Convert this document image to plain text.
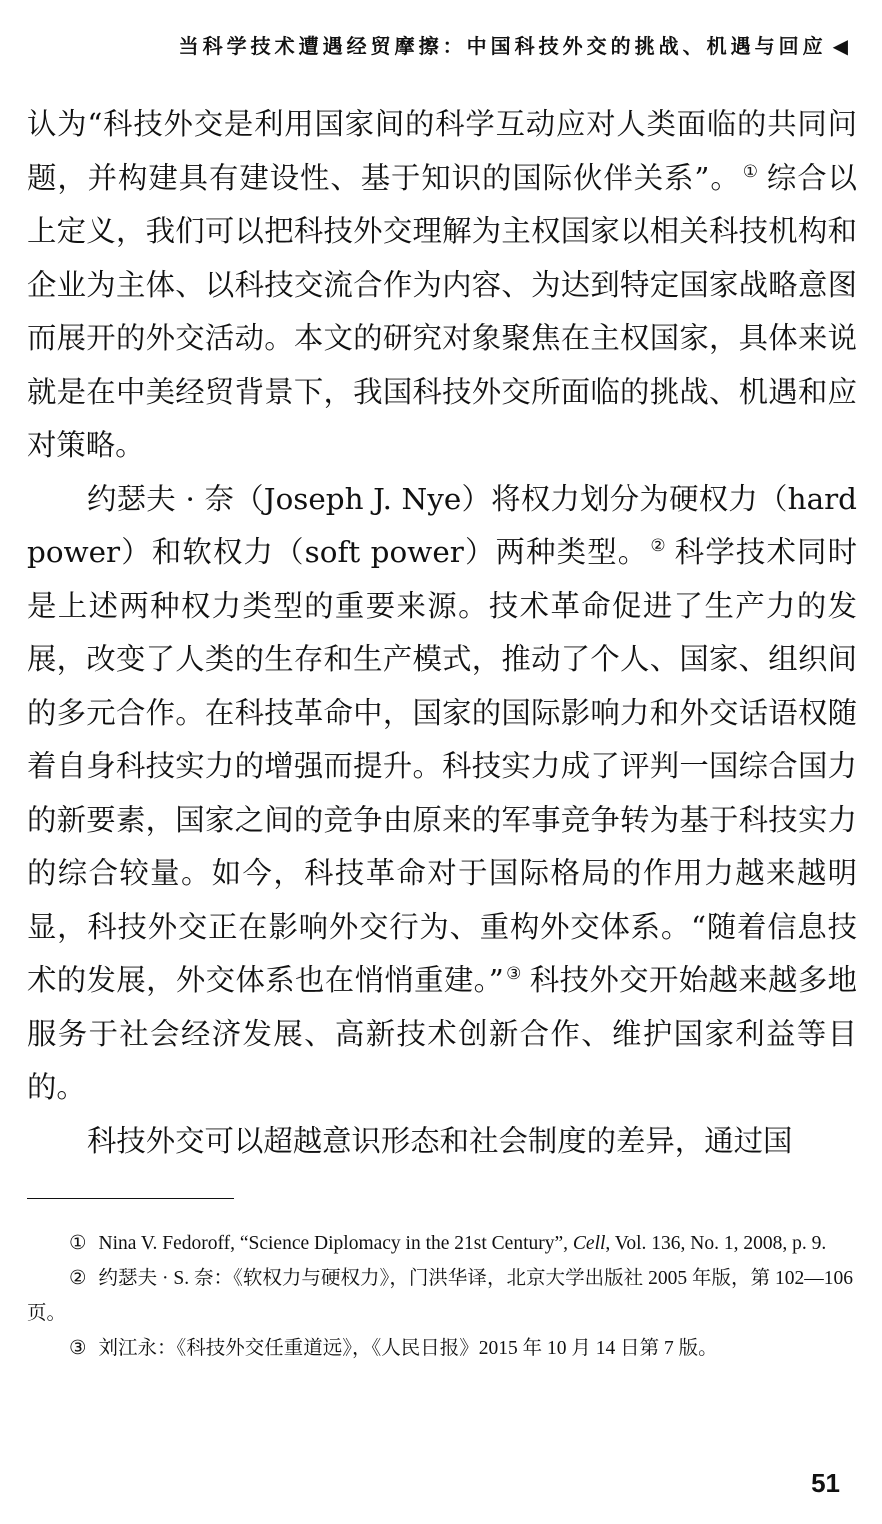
当科学技术遭遇经贸摩擦：中国科技外交的挑战、机遇与回应 ◀

认为“科技外交是利用国家间的科学互动应对人类面临的共同问题，并构建具有建设性、基于知识的国际伙伴关系”。 ① 综合以上定义，我们可以把科技外交理解为主权国家以相关科技机构和企业为主体、以科技交流合作为内容、为达到特定国家战略意图而展开的外交活动。本文的研究对象聚焦在主权国家，具体来说就是在中美经贸背景下，我国科技外交所面临的挑战、机遇和应对策略。

约瑟夫 · 奈（Joseph J. Nye）将权力划分为硬权力（hard power）和软权力（soft power）两种类型。 ② 科学技术同时是上述两种权力类型的重要来源。技术革命促进了生产力的发展，改变了人类的生存和生产模式，推动了个人、国家、组织间的多元合作。在科技革命中，国家的国际影响力和外交话语权随着自身科技实力的增强而提升。科技实力成了评判一国综合国力的新要素，国家之间的竞争由原来的军事竞争转为基于科技实力的综合较量。如今，科技革命对于国际格局的作用力越来越明显，科技外交正在影响外交行为、重构外交体系。“随着信息技术的发展，外交体系也在悄悄重建。” ③ 科技外交开始越来越多地服务于社会经济发展、高新技术创新合作、维护国家利益等目的。

科技外交可以超越意识形态和社会制度的差异，通过国

① Nina V. Fedoroff, “Science Diplomacy in the 21st Century”, Cell, Vol. 136, No. 1, 2008, p. 9.

② 约瑟夫 · S. 奈：《软权力与硬权力》，门洪华译，北京大学出版社 2005 年版，第 102—106 页。

③ 刘江永：《科技外交任重道远》，《人民日报》2015 年 10 月 14 日第 7 版。

51
